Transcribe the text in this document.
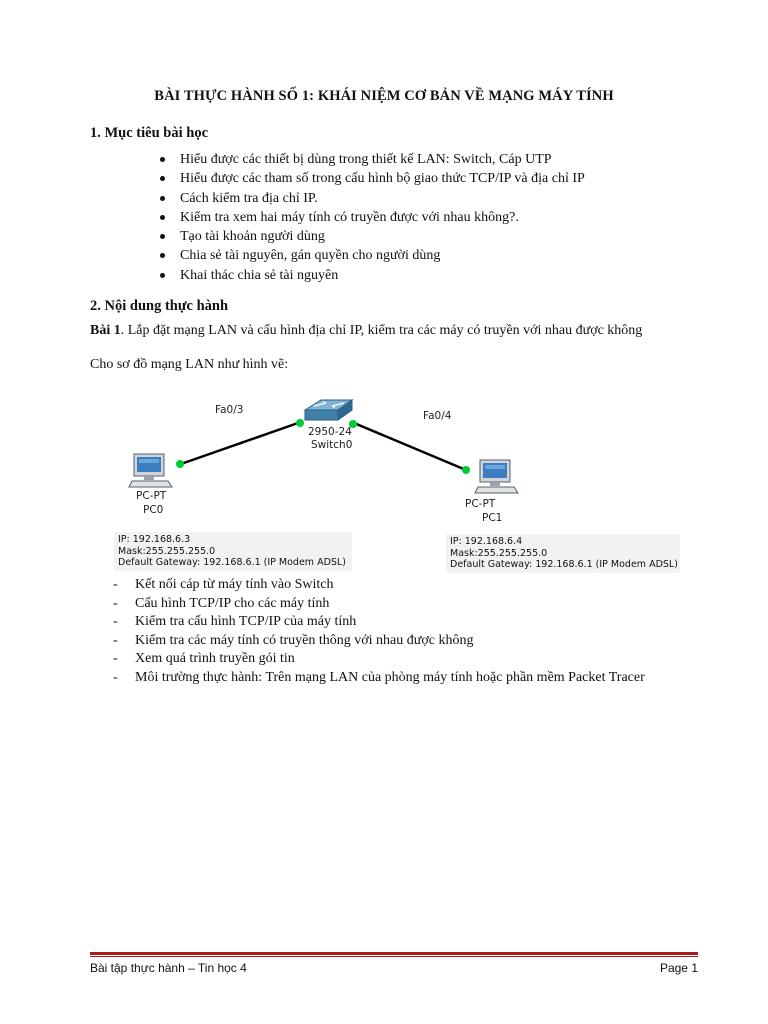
BÀI THỰC HÀNH SỐ 1: KHÁI NIỆM CƠ BẢN VỀ MẠNG MÁY TÍNH
1. Mục tiêu bài học
Hiểu được các thiết bị dùng trong thiết kế LAN: Switch, Cáp UTP
Hiểu được các tham số trong cấu hình bộ giao thức TCP/IP và địa chỉ IP
Cách kiểm tra địa chỉ IP.
Kiểm tra xem hai máy tính có truyền được với nhau không?.
Tạo tài khoản người dùng
Chia sẻ tài nguyên, gán quyền cho người dùng
Khai thác chia sẻ tài nguyên
2. Nội dung thực hành
Bài 1. Lắp đặt mạng LAN và cấu hình địa chỉ IP, kiểm tra các máy có truyền với nhau được không
Cho sơ đồ mạng LAN như hình vẽ:
Fa0/3	Fa0/4
2950-24
Switch0
PC-PT
PC0	PC-PT
PC1
IP: 192.168.6.3
Mask:255.255.255.0
Default Gateway: 192.168.6.1 (IP Modem ADSL)
IP: 192.168.6.4
Mask:255.255.255.0
Default Gateway: 192.168.6.1 (IP Modem ADSL)
- Kết nối cáp từ máy tính vào Switch
- Cấu hình TCP/IP cho các máy tính
- Kiểm tra cấu hình TCP/IP của máy tính
- Kiểm tra các máy tính có truyền thông với nhau được không
- Xem quá trình truyền gói tin
- Môi trường thực hành: Trên mạng LAN của phòng máy tính hoặc phần mềm Packet Tracer
Bài tập thực hành – Tin học 4	Page 1
